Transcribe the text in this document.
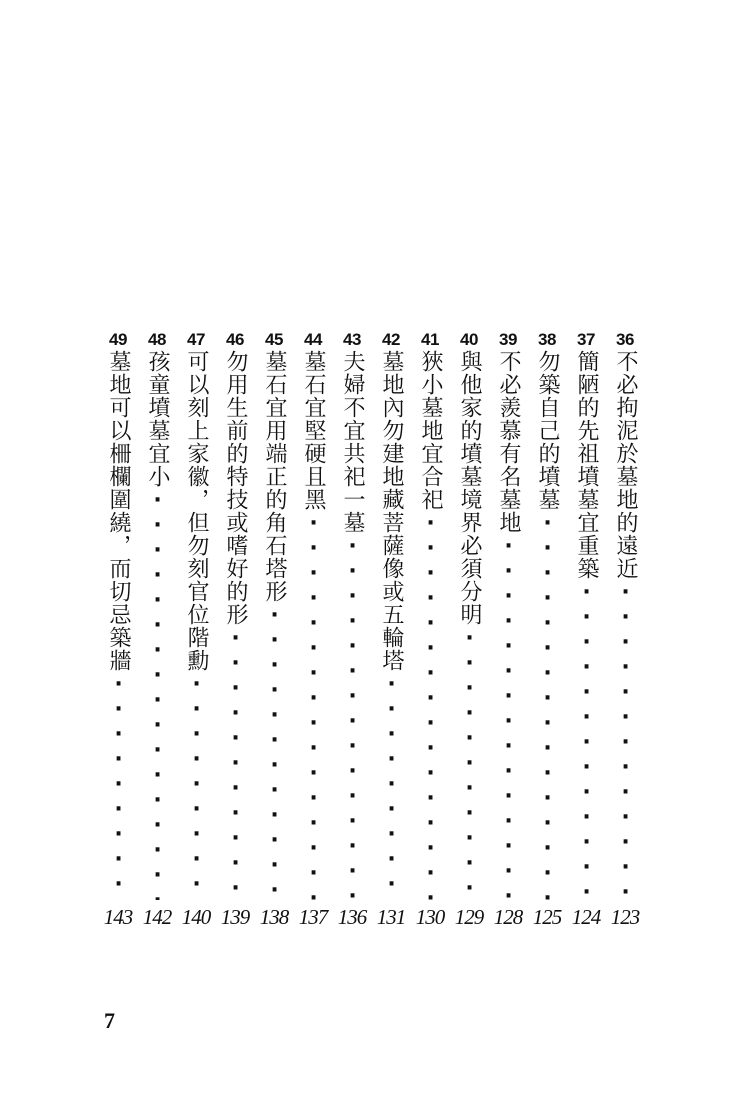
36
不必拘泥於墓地的遠近 ·····
123
37
簡陋的先祖墳墓宜重築 ·····
124
38
勿築自己的墳墓 ·····
125
39
不必羨慕有名墓地 ·····
128
40
與他家的墳墓境界必須分明 ·····
129
41
狹小墓地宜合祀 ·····
130
42
墓地內勿建地藏菩薩像或五輪塔 ·····
131
43
夫婦不宜共祀一墓 ·····
136
44
墓石宜堅硬且黑 ·····
137
45
墓石宜用端正的角石塔形 ·····
138
46
勿用生前的特技或嗜好的形 ·····
139
47
可以刻上家徽，但勿刻官位階勳 ·····
140
48
孩童墳墓宜小 ·····
142
49
墓地可以柵欄圍繞，而切忌築牆 ·····
143
7
